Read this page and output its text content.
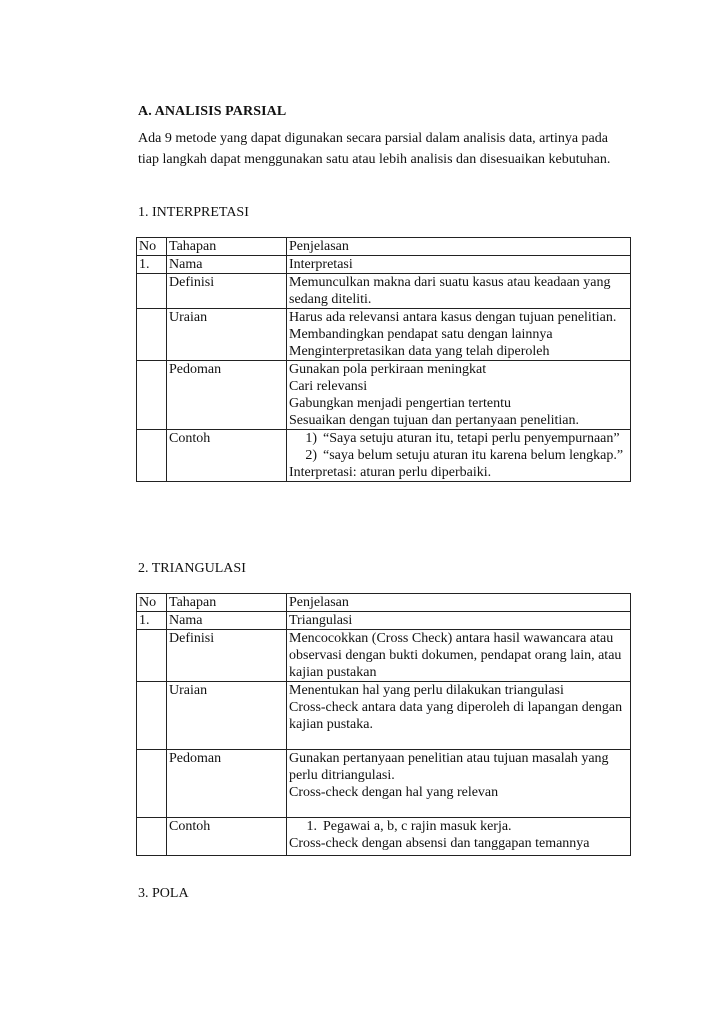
A. ANALISIS PARSIAL
Ada 9 metode yang dapat digunakan secara parsial dalam analisis data, artinya pada tiap langkah dapat menggunakan satu atau lebih analisis dan disesuaikan kebutuhan.
1. INTERPRETASI
No	Tahapan	Penjelasan
1.	Nama	Interpretasi
	Definisi	Memunculkan makna dari suatu kasus atau keadaan yang sedang diteliti.
	Uraian	Harus ada relevansi antara kasus dengan tujuan penelitian.
Membandingkan pendapat satu dengan lainnya
Menginterpretasikan data yang telah diperoleh

	Pedoman	Gunakan pola perkiraan meningkat
Cari relevansi
Gabungkan menjadi pengertian tertentu
Sesuaikan dengan tujuan dan pertanyaan penelitian.

	Contoh	1) “Saya setuju aturan itu, tetapi perlu penyempurnaan”
2) “saya belum setuju aturan itu karena belum lengkap.”
Interpretasi: aturan perlu diperbaiki.
2. TRIANGULASI
No	Tahapan	Penjelasan
1.	Nama	Triangulasi
	Definisi	Mencocokkan (Cross Check) antara hasil wawancara atau observasi dengan bukti dokumen, pendapat orang lain, atau kajian pustakan
	Uraian	Menentukan hal yang perlu dilakukan triangulasi
Cross-check antara data yang diperoleh di lapangan dengan kajian pustaka.

	Pedoman	Gunakan pertanyaan penelitian atau tujuan masalah yang perlu ditriangulasi.
Cross-check dengan hal yang relevan

	Contoh	1. Pegawai a, b, c rajin masuk kerja.
Cross-check dengan absensi dan tanggapan temannya
3. POLA
